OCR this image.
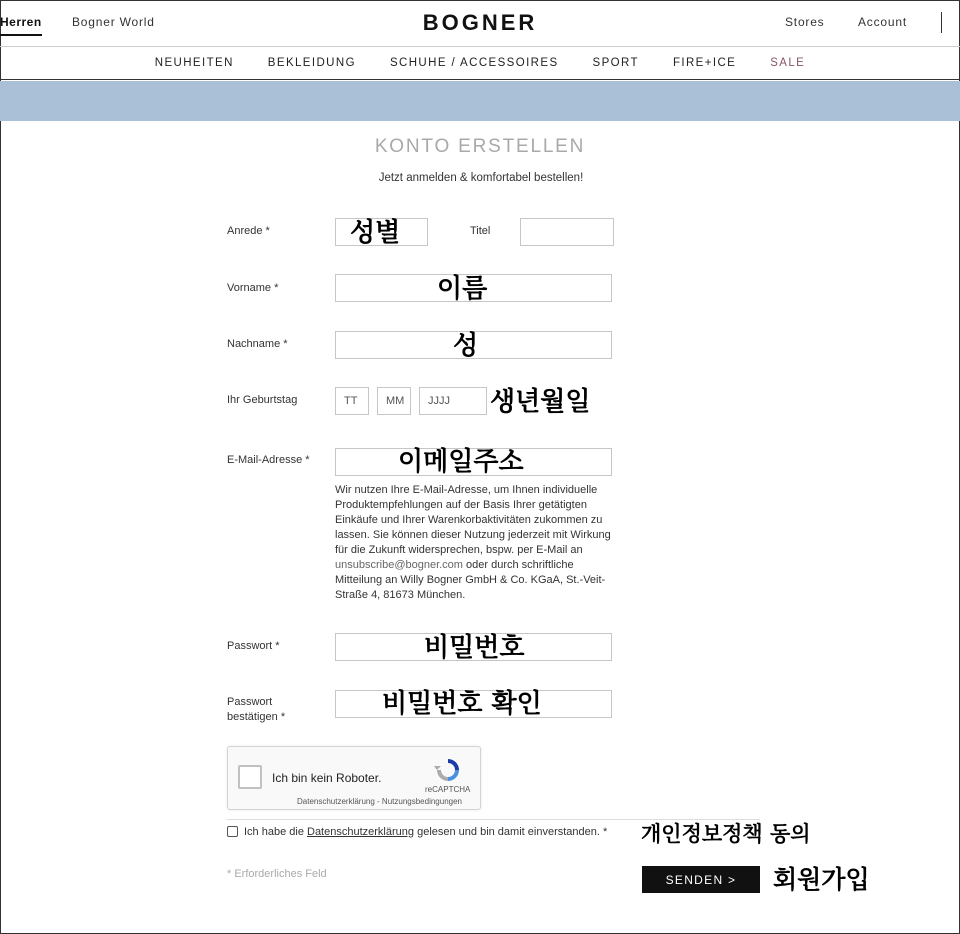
Herren	Bogner World	BOGNER	Stores	Account
NEUHEITEN	BEKLEIDUNG	SCHUHE / ACCESSOIRES	SPORT	FIRE+ICE	SALE
KONTO ERSTELLEN
Jetzt anmelden & komfortabel bestellen!
Anrede *	성별	Titel
Vorname *	이름
Nachname *	성
Ihr Geburtstag	TT	MM	JJJJ	생년월일
E-Mail-Adresse *	이메일주소
Wir nutzen Ihre E-Mail-Adresse, um Ihnen individuelle Produktempfehlungen auf der Basis Ihrer getätigten Einkäufe und Ihrer Warenkorbaktivitäten zukommen zu lassen. Sie können dieser Nutzung jederzeit mit Wirkung für die Zukunft widersprechen, bspw. per E-Mail an unsubscribe@bogner.com oder durch schriftliche Mitteilung an Willy Bogner GmbH & Co. KGaA, St.-Veit-Straße 4, 81673 München.
Passwort *	비밀번호
Passwort
bestätigen *	비밀번호 확인
Ich bin kein Roboter.
reCAPTCHA
Datenschutzerklärung - Nutzungsbedingungen
Ich habe die Datenschutzerklärung gelesen und bin damit einverstanden. * 개인정보정책 동의
* Erforderliches Feld	SENDEN >	회원가입
